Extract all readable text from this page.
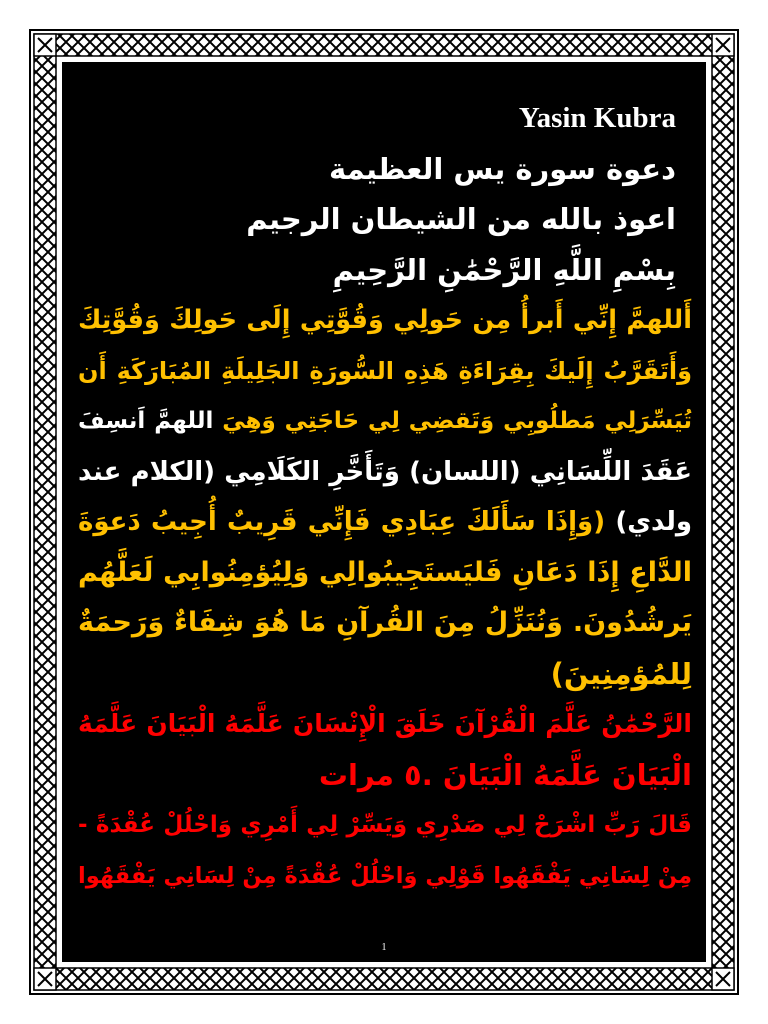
Yasin Kubra
دعوة سورة يس العظيمة
اعوذ بالله من الشيطان الرجيم
بِسْمِ اللَّهِ الرَّحْمَٰنِ الرَّحِيمِ
أَللهمَّ إِنِّي أَبرأُ مِن حَولِي وَقُوَّتِي إِلَى حَولِكَ وَقُوَّتِكَ
وَأَتَقَرَّبُ إِلَيكَ بِقِرَاءَةِ هَذِهِ السُّورَةِ الجَلِيلَةِ المُبَارَكَةِ أَن
تُيَسِّرَلِي مَطلُوبِي وَتَقضِي لِي حَاجَتِي وَهِيَ اللهمَّ اَنسِفَ
عَقَدَ اللِّسَانِي (اللسان) وَتَأَخَّرِ الكَلَامِي (الكلام عند
ولدي) (وَإِذَا سَأَلَكَ عِبَادِي فَإِنِّي قَرِيبٌ أُجِيبُ دَعوَةَ
الدَّاعِ إِذَا دَعَانِ فَليَستَجِيبُوالِي وَلِيُؤمِنُوابِي لَعَلَّهُم
يَرشُدُونَ. وَنُنَزِّلُ مِنَ القُرآنِ مَا هُوَ شِفَاءٌ وَرَحمَةٌ
لِلمُؤمِنِينَ)
الرَّحْمَٰنُ عَلَّمَ الْقُرْآنَ خَلَقَ الْإِنْسَانَ عَلَّمَهُ الْبَيَانَ عَلَّمَهُ
الْبَيَانَ عَلَّمَهُ الْبَيَانَ .٥ مرات
قَالَ رَبِّ اشْرَحْ لِي صَدْرِي وَيَسِّرْ لِي أَمْرِي وَاحْلُلْ عُقْدَةً -
مِنْ لِسَانِي يَفْقَهُوا قَوْلِي وَاحْلُلْ عُقْدَةً مِنْ لِسَانِي يَفْقَهُوا
1
